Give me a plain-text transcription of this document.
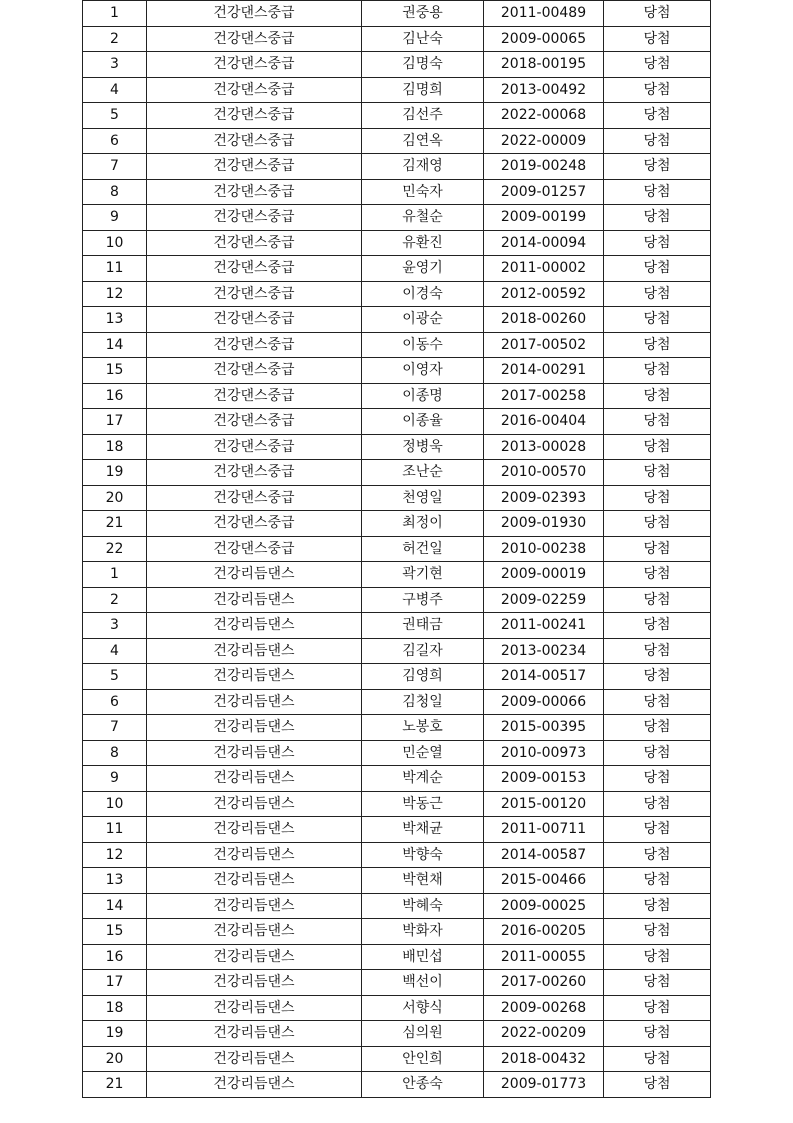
1	건강댄스중급	권중용	2011-00489	당첨
2	건강댄스중급	김난숙	2009-00065	당첨
3	건강댄스중급	김명숙	2018-00195	당첨
4	건강댄스중급	김명희	2013-00492	당첨
5	건강댄스중급	김선주	2022-00068	당첨
6	건강댄스중급	김연옥	2022-00009	당첨
7	건강댄스중급	김재영	2019-00248	당첨
8	건강댄스중급	민숙자	2009-01257	당첨
9	건강댄스중급	유철순	2009-00199	당첨
10	건강댄스중급	유환진	2014-00094	당첨
11	건강댄스중급	윤영기	2011-00002	당첨
12	건강댄스중급	이경숙	2012-00592	당첨
13	건강댄스중급	이광순	2018-00260	당첨
14	건강댄스중급	이동수	2017-00502	당첨
15	건강댄스중급	이영자	2014-00291	당첨
16	건강댄스중급	이종명	2017-00258	당첨
17	건강댄스중급	이종율	2016-00404	당첨
18	건강댄스중급	정병욱	2013-00028	당첨
19	건강댄스중급	조난순	2010-00570	당첨
20	건강댄스중급	천영일	2009-02393	당첨
21	건강댄스중급	최정이	2009-01930	당첨
22	건강댄스중급	허건일	2010-00238	당첨
1	건강리듬댄스	곽기현	2009-00019	당첨
2	건강리듬댄스	구병주	2009-02259	당첨
3	건강리듬댄스	권태금	2011-00241	당첨
4	건강리듬댄스	김길자	2013-00234	당첨
5	건강리듬댄스	김영희	2014-00517	당첨
6	건강리듬댄스	김청일	2009-00066	당첨
7	건강리듬댄스	노봉호	2015-00395	당첨
8	건강리듬댄스	민순열	2010-00973	당첨
9	건강리듬댄스	박계순	2009-00153	당첨
10	건강리듬댄스	박동근	2015-00120	당첨
11	건강리듬댄스	박채균	2011-00711	당첨
12	건강리듬댄스	박향숙	2014-00587	당첨
13	건강리듬댄스	박현채	2015-00466	당첨
14	건강리듬댄스	박혜숙	2009-00025	당첨
15	건강리듬댄스	박화자	2016-00205	당첨
16	건강리듬댄스	배민섭	2011-00055	당첨
17	건강리듬댄스	백선이	2017-00260	당첨
18	건강리듬댄스	서향식	2009-00268	당첨
19	건강리듬댄스	심의원	2022-00209	당첨
20	건강리듬댄스	안인희	2018-00432	당첨
21	건강리듬댄스	안종숙	2009-01773	당첨
